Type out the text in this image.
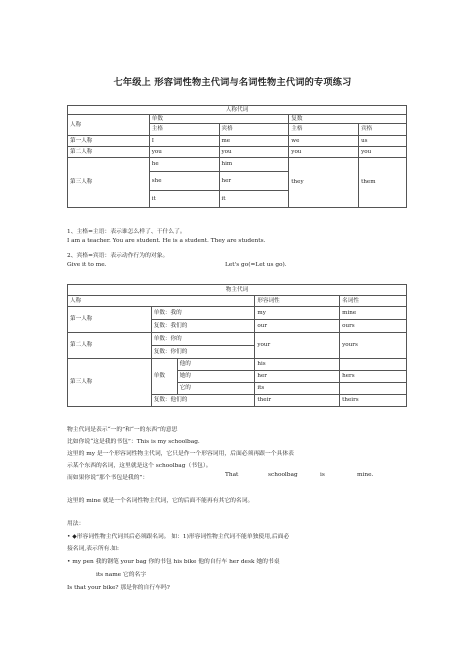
七年级上 形容词性物主代词与名词性物主代词的专项练习
人称代词				
人称	单数		复数	
	主格	宾格	主格	宾格
第一人称	I	me	we	us
第二人称	you	you	you	you
第三人称	he	him	they	them
	she	her		
	it	it		
1、主格=主语：表示谁怎么样了、干什么了。
I am a teacher. You are student. He is a student. They are students.
2、宾格=宾语：表示动作行为的对象。
Give it to me.	Let's go(=Let us go).
物主代词				
人称			形容词性	名词性
第一人称	单数：我的		my	mine
	复数：我们的		our	ours
第二人称	单数：你的		your	yours
	复数：你们的			
第三人称	单数	他的	his	
		她的	her	hers
		它的	its	
	复数：他们的		their	theirs
物主代词是表示“一的”和“一的东西”的意思
比如你说“这是我的书包”：This is my schoolbag.
这里的 my 是一个形容词性物主代词，它只是作一个形容词用，后面必须再跟一个具体表
示某个东西的名词，这里就是这个 schoolbag（书包）。
而如果你说“那个书包是我的”：	That	schoolbag	is	mine.
这里的 mine 就是一个名词性物主代词，它的后面不能再有其它的名词。
用法：
• ◆形容词性物主代词其后必须跟名词。 如：1)形容词性物主代词不能单独使用,后面必
接名词,表示所有.如:
• my pen 我的钢笔 your bag 你的书包 his bike 他的自行车 her desk 她的书桌
its name 它的名字
Is that your bike? 那是你的自行车吗?
